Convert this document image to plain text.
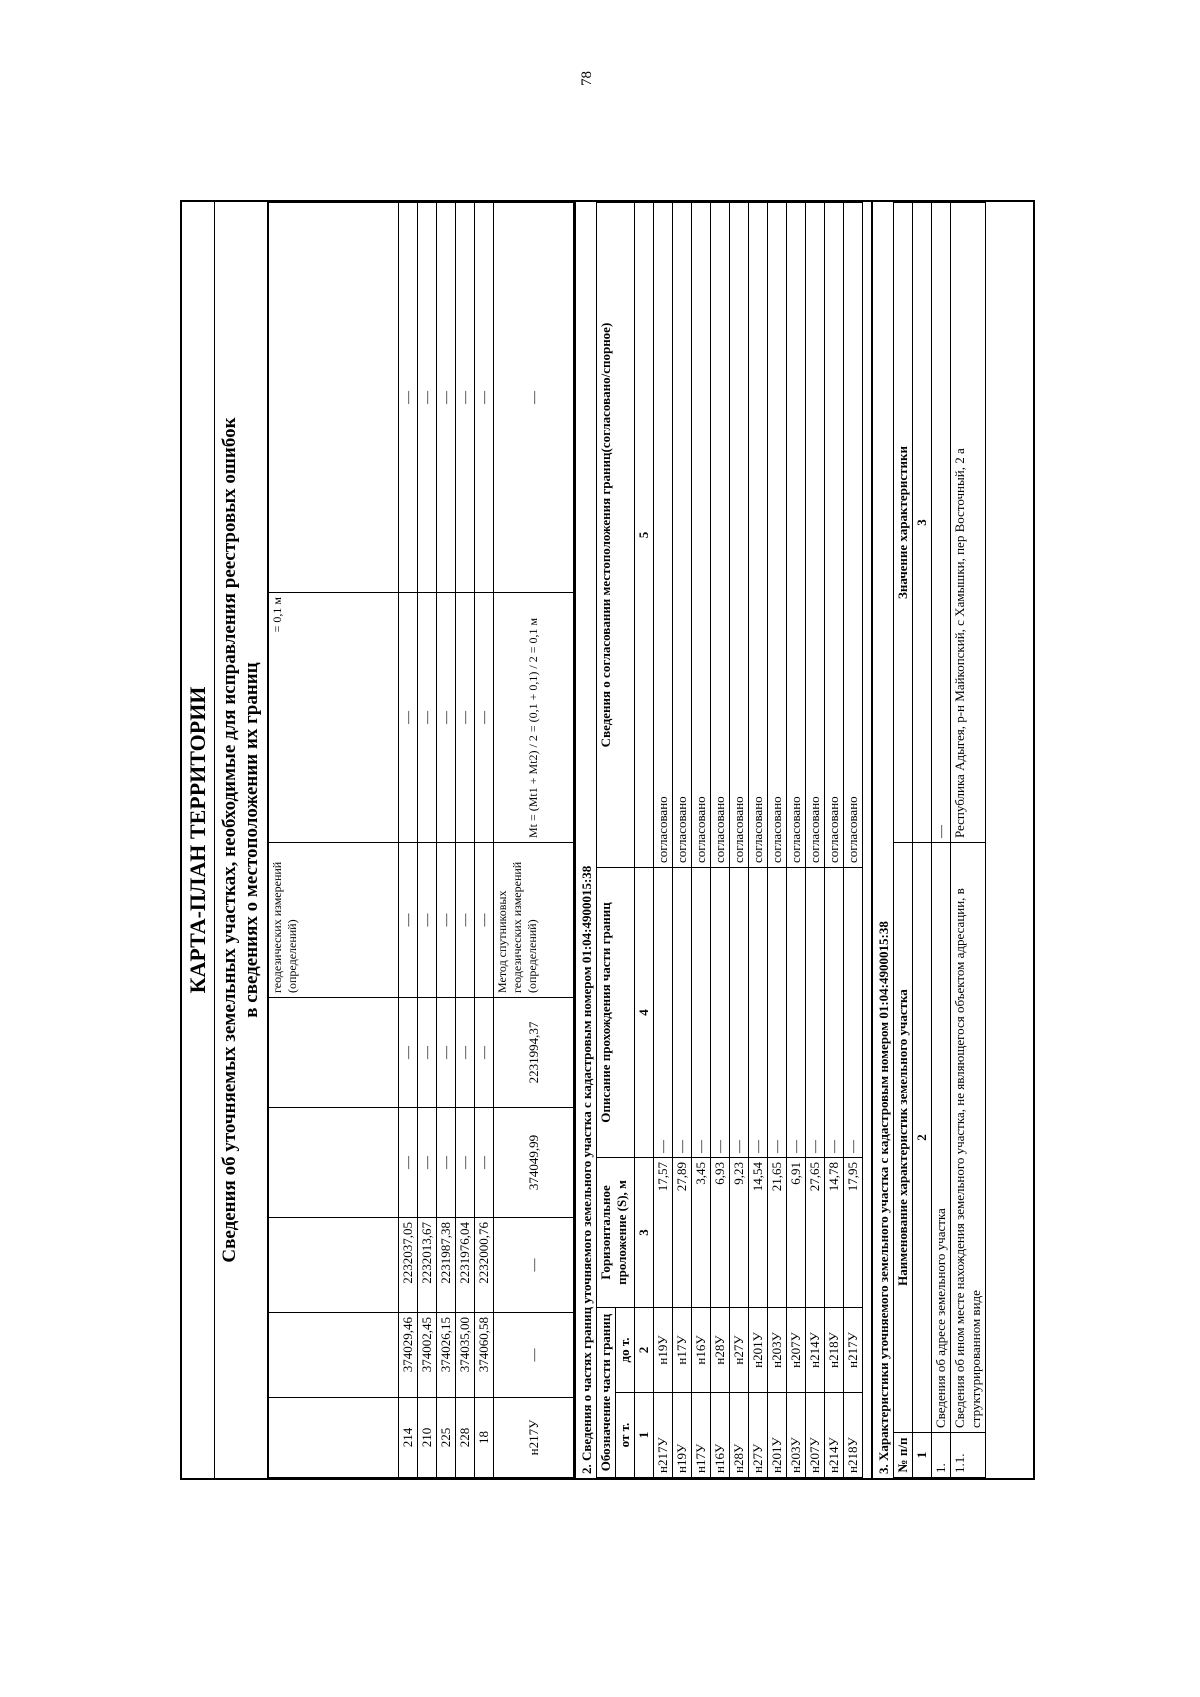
78
КАРТА-ПЛАН ТЕРРИТОРИИ Сведения об уточняемых земельных участках, необходимые для исправления реестровых ошибок в сведениях о местоположении их границ
					геодезических измерений (определений)	= 0,1 м	
214	374029,46	2232037,05	—	—	—	—	—
210	374002,45	2232013,67	—	—	—	—	—
225	374026,15	2231987,38	—	—	—	—	—
228	374035,00	2231976,04	—	—	—	—	—
18	374060,58	2232000,76	—	—	—	—	—
н217У	—	—	374049,99	2231994,37	Метод спутниковых геодезических измерений (определений)	Mt = (Mt1 + Mt2) / 2 = (0,1 + 0,1) / 2 = 0,1 м	—
2. Сведения о частях границ уточняемого земельного участка с кадастровым номером 01:04:4900015:38 Обозначение части границ		Горизонтальное проложение (S), м	Описание прохождения части границ	Сведения о согласовании местоположения границ(согласовано/спорное)
от т.	до т.			
1	2	3	4	5
н217У	н19У	17,57	—	согласовано
н19У	н17У	27,89	—	согласовано
н17У	н16У	3,45	—	согласовано
н16У	н28У	6,93	—	согласовано
н28У	н27У	9,23	—	согласовано
н27У	н201У	14,54	—	согласовано
н201У	н203У	21,65	—	согласовано
н203У	н207У	6,91	—	согласовано
н207У	н214У	27,65	—	согласовано
н214У	н218У	14,78	—	согласовано
н218У	н217У	17,95	—	согласовано
3. Характеристики уточняемого земельного участка с кадастровым номером 01:04:4900015:38 № п/п	Наименование характеристик земельного участка	Значение характеристики
1	2	3
1.	Сведения об адресе земельного участка	—
1.1.	Сведения об ином месте нахождения земельного участка, не являющегося объектом адресации, в структурированном виде	Республика Адыгея, р-н Майкопский, с Хамышки, пер Восточный, 2 а
